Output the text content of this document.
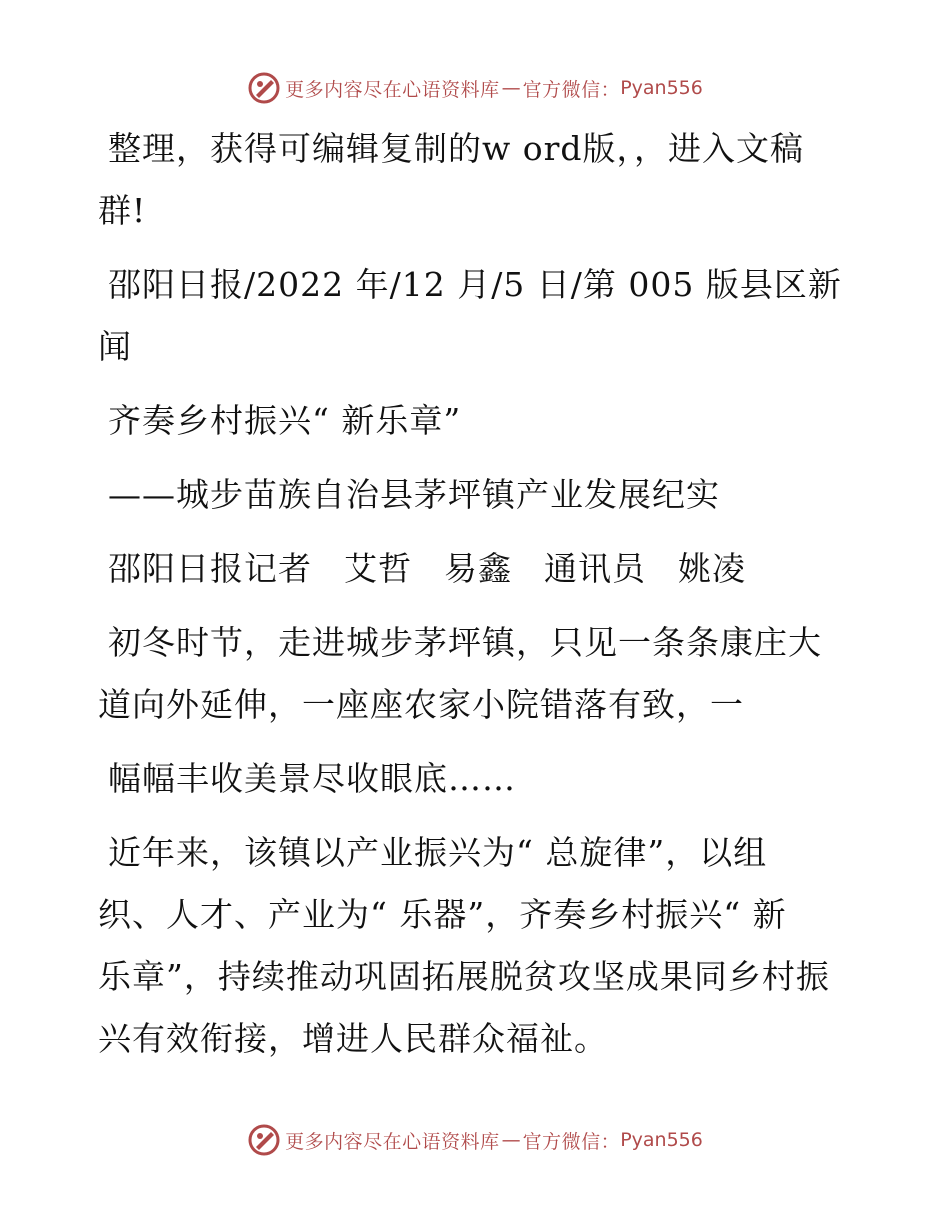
更多内容尽在心语资料库 — 官方微信： Pyan556

整理，获得可编辑复制的w ord版，，进入文稿
群!

邵阳日报/2022 年/12 月/5 日/第 005 版县区新
闻

齐奏乡村振兴“ 新乐章”

——城步苗族自治县茅坪镇产业发展纪实

邵阳日报记者 艾哲 易鑫 通讯员 姚凌

初冬时节，走进城步茅坪镇，只见一条条康庄大
道向外延伸，一座座农家小院错落有致，一

幅幅丰收美景尽收眼底……

近年来，该镇以产业振兴为“ 总旋律”，以组
织、人才、产业为“ 乐器”，齐奏乡村振兴“ 新
乐章”，持续推动巩固拓展脱贫攻坚成果同乡村振
兴有效衔接，增进人民群众福祉。

更多内容尽在心语资料库 — 官方微信： Pyan556
